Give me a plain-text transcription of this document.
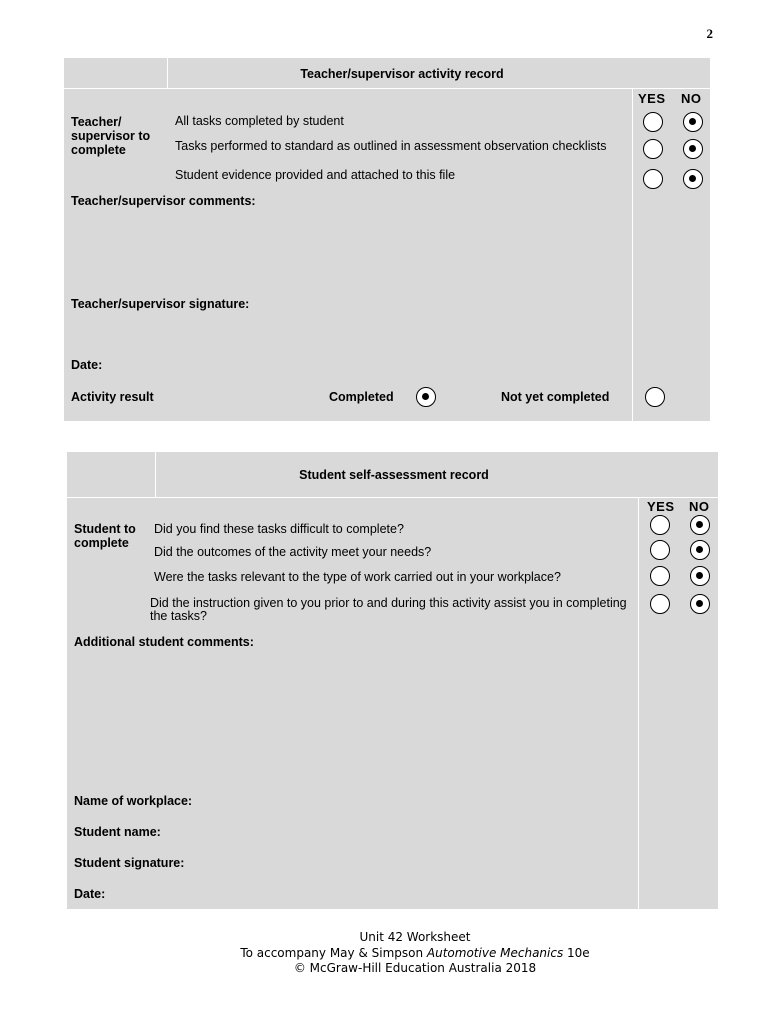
2
Teacher/supervisor activity record
YES NO
Teacher/ supervisor to complete
All tasks completed by student
Tasks performed to standard as outlined in assessment observation checklists
Student evidence provided and attached to this file
Teacher/supervisor comments:
Teacher/supervisor signature:
Date:
Activity result	Completed	Not yet completed
Student self-assessment record
YES NO
Student to complete
Did you find these tasks difficult to complete?
Did the outcomes of the activity meet your needs?
Were the tasks relevant to the type of work carried out in your workplace?
Did the instruction given to you prior to and during this activity assist you in completing the tasks?
Additional student comments:
Name of workplace:
Student name:
Student signature:
Date:
Unit 42 Worksheet
To accompany May & Simpson Automotive Mechanics 10e
© McGraw-Hill Education Australia 2018
